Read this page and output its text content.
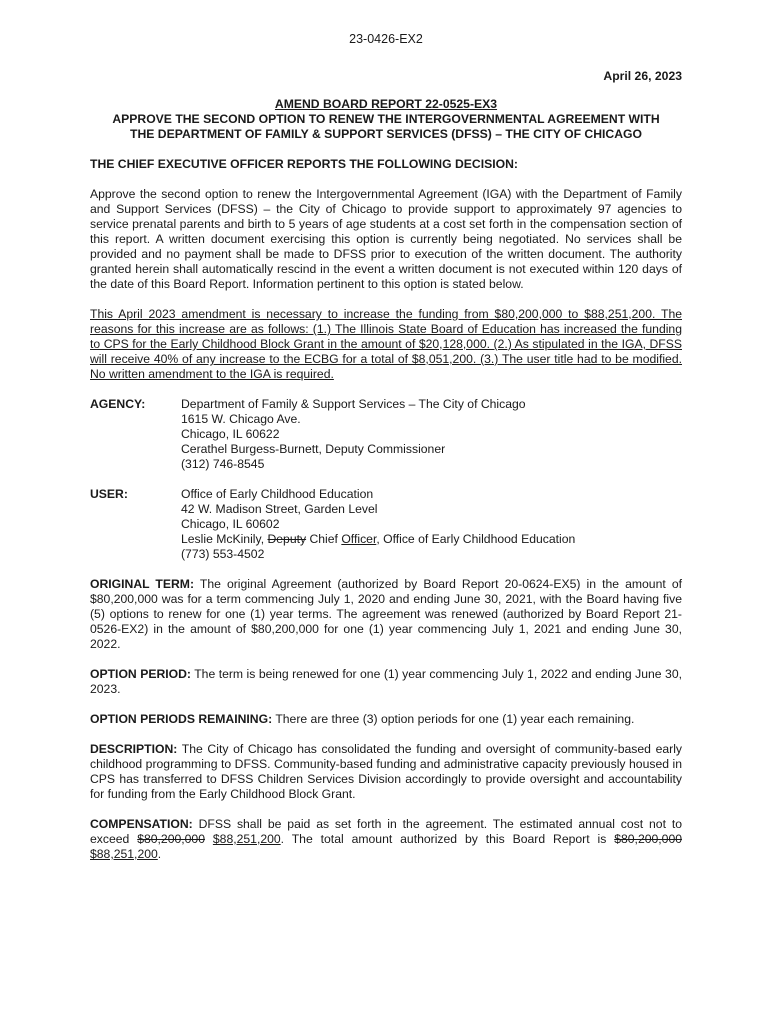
23-0426-EX2
April 26, 2023
AMEND BOARD REPORT 22-0525-EX3
APPROVE THE SECOND OPTION TO RENEW THE INTERGOVERNMENTAL AGREEMENT WITH
THE DEPARTMENT OF FAMILY & SUPPORT SERVICES (DFSS) – THE CITY OF CHICAGO
THE CHIEF EXECUTIVE OFFICER REPORTS THE FOLLOWING DECISION:

Approve the second option to renew the Intergovernmental Agreement (IGA) with the Department of Family and Support Services (DFSS) – the City of Chicago to provide support to approximately 97 agencies to service prenatal parents and birth to 5 years of age students at a cost set forth in the compensation section of this report. A written document exercising this option is currently being negotiated. No services shall be provided and no payment shall be made to DFSS prior to execution of the written document. The authority granted herein shall automatically rescind in the event a written document is not executed within 120 days of the date of this Board Report. Information pertinent to this option is stated below.

This April 2023 amendment is necessary to increase the funding from $80,200,000 to $88,251,200. The reasons for this increase are as follows: (1.) The Illinois State Board of Education has increased the funding to CPS for the Early Childhood Block Grant in the amount of $20,128,000. (2.) As stipulated in the IGA, DFSS will receive 40% of any increase to the ECBG for a total of $8,051,200. (3.) The user title had to be modified. No written amendment to the IGA is required.

AGENCY:	Department of Family & Support Services – The City of Chicago
1615 W. Chicago Ave.
Chicago, IL 60622
Cerathel Burgess-Burnett, Deputy Commissioner
(312) 746-8545
USER:	Office of Early Childhood Education
42 W. Madison Street, Garden Level
Chicago, IL 60602
Leslie McKinily, Deputy Chief Officer, Office of Early Childhood Education
(773) 553-4502

ORIGINAL TERM: The original Agreement (authorized by Board Report 20-0624-EX5) in the amount of $80,200,000 was for a term commencing July 1, 2020 and ending June 30, 2021, with the Board having five (5) options to renew for one (1) year terms. The agreement was renewed (authorized by Board Report 21-0526-EX2) in the amount of $80,200,000 for one (1) year commencing July 1, 2021 and ending June 30, 2022.

OPTION PERIOD: The term is being renewed for one (1) year commencing July 1, 2022 and ending June 30, 2023.

OPTION PERIODS REMAINING: There are three (3) option periods for one (1) year each remaining.

DESCRIPTION: The City of Chicago has consolidated the funding and oversight of community-based early childhood programming to DFSS. Community-based funding and administrative capacity previously housed in CPS has transferred to DFSS Children Services Division accordingly to provide oversight and accountability for funding from the Early Childhood Block Grant.

COMPENSATION: DFSS shall be paid as set forth in the agreement. The estimated annual cost not to exceed $80,200,000 $88,251,200. The total amount authorized by this Board Report is $80,200,000 $88,251,200.
